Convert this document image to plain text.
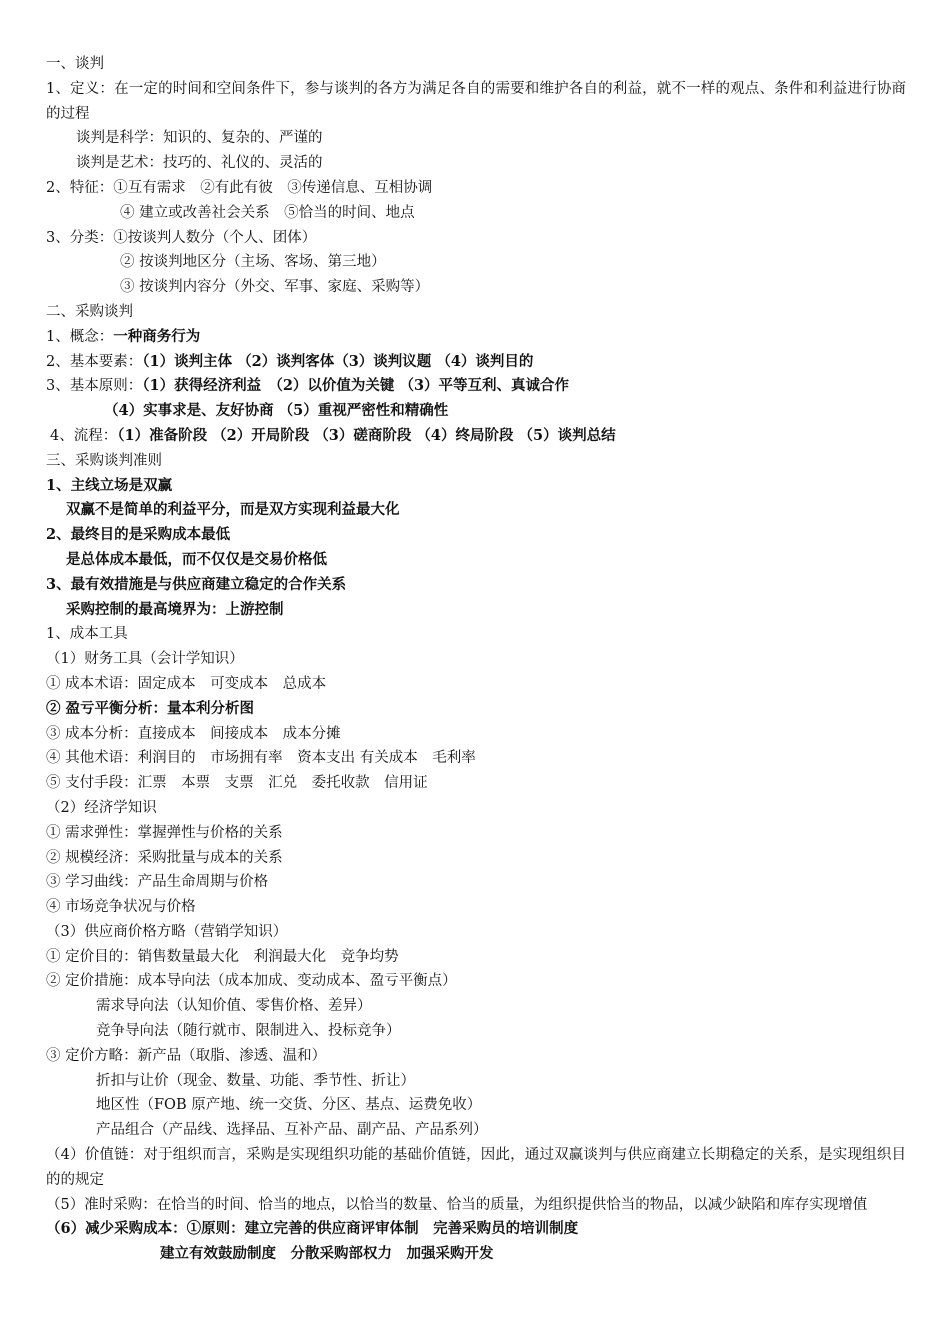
一、谈判
1、定义：在一定的时间和空间条件下，参与谈判的各方为满足各自的需要和维护各自的利益，就不一样的观点、条件和利益进行协商的过程
谈判是科学：知识的、复杂的、严谨的
谈判是艺术：技巧的、礼仪的、灵活的
2、特征：①互有需求　②有此有彼　③传递信息、互相协调
④ 建立或改善社会关系　⑤恰当的时间、地点
3、分类：①按谈判人数分（个人、团体）
② 按谈判地区分（主场、客场、第三地）
③ 按谈判内容分（外交、军事、家庭、采购等）
二、采购谈判
1、概念：一种商务行为
2、基本要素：（1）谈判主体 （2）谈判客体（3）谈判议题 （4）谈判目的
3、基本原则：（1）获得经济利益　（2）以价值为关键 （3）平等互利、真诚合作
（4）实事求是、友好协商 （5）重视严密性和精确性
4、流程：（1）准备阶段 （2）开局阶段 （3）磋商阶段 （4）终局阶段 （5）谈判总结
三、采购谈判准则
1、主线立场是双赢
双赢不是简单的利益平分，而是双方实现利益最大化
2、最终目的是采购成本最低
是总体成本最低，而不仅仅是交易价格低
3、最有效措施是与供应商建立稳定的合作关系
采购控制的最高境界为：上游控制
1、成本工具
（1）财务工具（会计学知识）
① 成本术语：固定成本　可变成本　总成本
② 盈亏平衡分析：量本利分析图
③ 成本分析：直接成本　间接成本　成本分摊
④ 其他术语：利润目的　市场拥有率　资本支出 有关成本　毛利率
⑤ 支付手段：汇票　本票　支票　汇兑　委托收款　信用证
（2）经济学知识
① 需求弹性：掌握弹性与价格的关系
② 规模经济：采购批量与成本的关系
③ 学习曲线：产品生命周期与价格
④ 市场竞争状况与价格
（3）供应商价格方略（营销学知识）
① 定价目的：销售数量最大化　利润最大化　竞争均势
② 定价措施：成本导向法（成本加成、变动成本、盈亏平衡点）
需求导向法（认知价值、零售价格、差异）
竞争导向法（随行就市、限制进入、投标竞争）
③ 定价方略：新产品（取脂、渗透、温和）
折扣与让价（现金、数量、功能、季节性、折让）
地区性（FOB 原产地、统一交货、分区、基点、运费免收）
产品组合（产品线、选择品、互补产品、副产品、产品系列）
（4）价值链：对于组织而言，采购是实现组织功能的基础价值链，因此，通过双赢谈判与供应商建立长期稳定的关系，是实现组织目的的规定
（5）准时采购：在恰当的时间、恰当的地点，以恰当的数量、恰当的质量，为组织提供恰当的物品，以减少缺陷和库存实现增值
（6）减少采购成本：①原则：建立完善的供应商评审体制　完善采购员的培训制度
建立有效鼓励制度　分散采购部权力　加强采购开发
